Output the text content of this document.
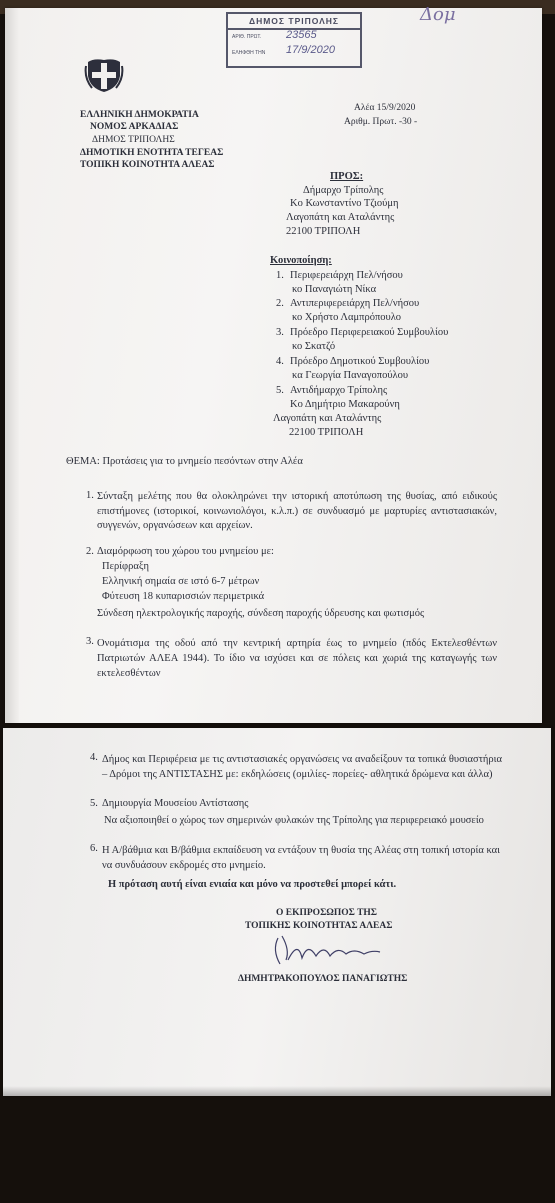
ΔΗΜΟΣ ΤΡΙΠΟΛΗΣ
ΑΡΙΘ. ΠΡΩΤ. 23565
ΕΛΗΦΘΗ ΤΗΝ 17/9/2020
Δομ
ΕΛΛΗΝΙΚΗ ΔΗΜΟΚΡΑΤΙΑ
ΝΟΜΟΣ ΑΡΚΑΔΙΑΣ
ΔΗΜΟΣ ΤΡΙΠΟΛΗΣ
ΔΗΜΟΤΙΚΗ ΕΝΟΤΗΤΑ ΤΕΓΕΑΣ
ΤΟΠΙΚΗ ΚΟΙΝΟΤΗΤΑ ΑΛΕΑΣ
Αλέα 15/9/2020
Αριθμ. Πρωτ. -30 -
ΠΡΟΣ:
Δήμαρχο Τρίπολης
Κο Κωνσταντίνο Τζιούμη
Λαγοπάτη και Αταλάντης
22100 ΤΡΙΠΟΛΗ
Κοινοποίηση:
1. Περιφερειάρχη Πελ/νήσου
κο Παναγιώτη Νίκα
2. Αντιπεριφερειάρχη Πελ/νήσου
κο Χρήστο Λαμπρόπουλο
3. Πρόεδρο Περιφερειακού Συμβουλίου
κο Σκατζό
4. Πρόεδρο Δημοτικού Συμβουλίου
κα Γεωργία Παναγοπούλου
5. Αντιδήμαρχο Τρίπολης
Κο Δημήτριο Μακαρούνη
Λαγοπάτη και Αταλάντης
22100 ΤΡΙΠΟΛΗ
ΘΕΜΑ: Προτάσεις για το μνημείο πεσόντων στην Αλέα
1. Σύνταξη μελέτης που θα ολοκληρώνει την ιστορική αποτύπωση της θυσίας, από ειδικούς επιστήμονες (ιστορικοί, κοινωνιολόγοι, κ.λ.π.) σε συνδυασμό με μαρτυρίες αντιστασιακών, συγγενών, οργανώσεων και αρχείων.
2. Διαμόρφωση του χώρου του μνημείου με:
Περίφραξη
Ελληνική σημαία σε ιστό 6-7 μέτρων
Φύτευση 18 κυπαρισσιών περιμετρικά
Σύνδεση ηλεκτρολογικής παροχής, σύνδεση παροχής ύδρευσης και φωτισμός
3. Ονομάτισμα της οδού από την κεντρική αρτηρία έως το μνημείο (πδός Εκτελεσθέντων Πατριωτών ΑΛΕΑ 1944). Το ίδιο να ισχύσει και σε πόλεις και χωριά της καταγωγής των εκτελεσθέντων
4. Δήμος και Περιφέρεια με τις αντιστασιακές οργανώσεις να αναδείξουν τα τοπικά θυσιαστήρια – Δρόμοι της ΑΝΤΙΣΤΑΣΗΣ με: εκδηλώσεις (ομιλίες- πορείες- αθλητικά δρώμενα και άλλα)
5. Δημιουργία Μουσείου Αντίστασης
Να αξιοποιηθεί ο χώρος των σημερινών φυλακών της Τρίπολης για περιφερειακό μουσείο
6. Η Α/βάθμια και Β/βάθμια εκπαίδευση να εντάξουν τη θυσία της Αλέας στη τοπική ιστορία και να συνδυάσουν εκδρομές στο μνημείο.
Η πρόταση αυτή είναι ενιαία και μόνο να προστεθεί μπορεί κάτι.
Ο ΕΚΠΡΟΣΩΠΟΣ ΤΗΣ
ΤΟΠΙΚΗΣ ΚΟΙΝΟΤΗΤΑΣ ΑΛΕΑΣ
ΔΗΜΗΤΡΑΚΟΠΟΥΛΟΣ ΠΑΝΑΓΙΩΤΗΣ
